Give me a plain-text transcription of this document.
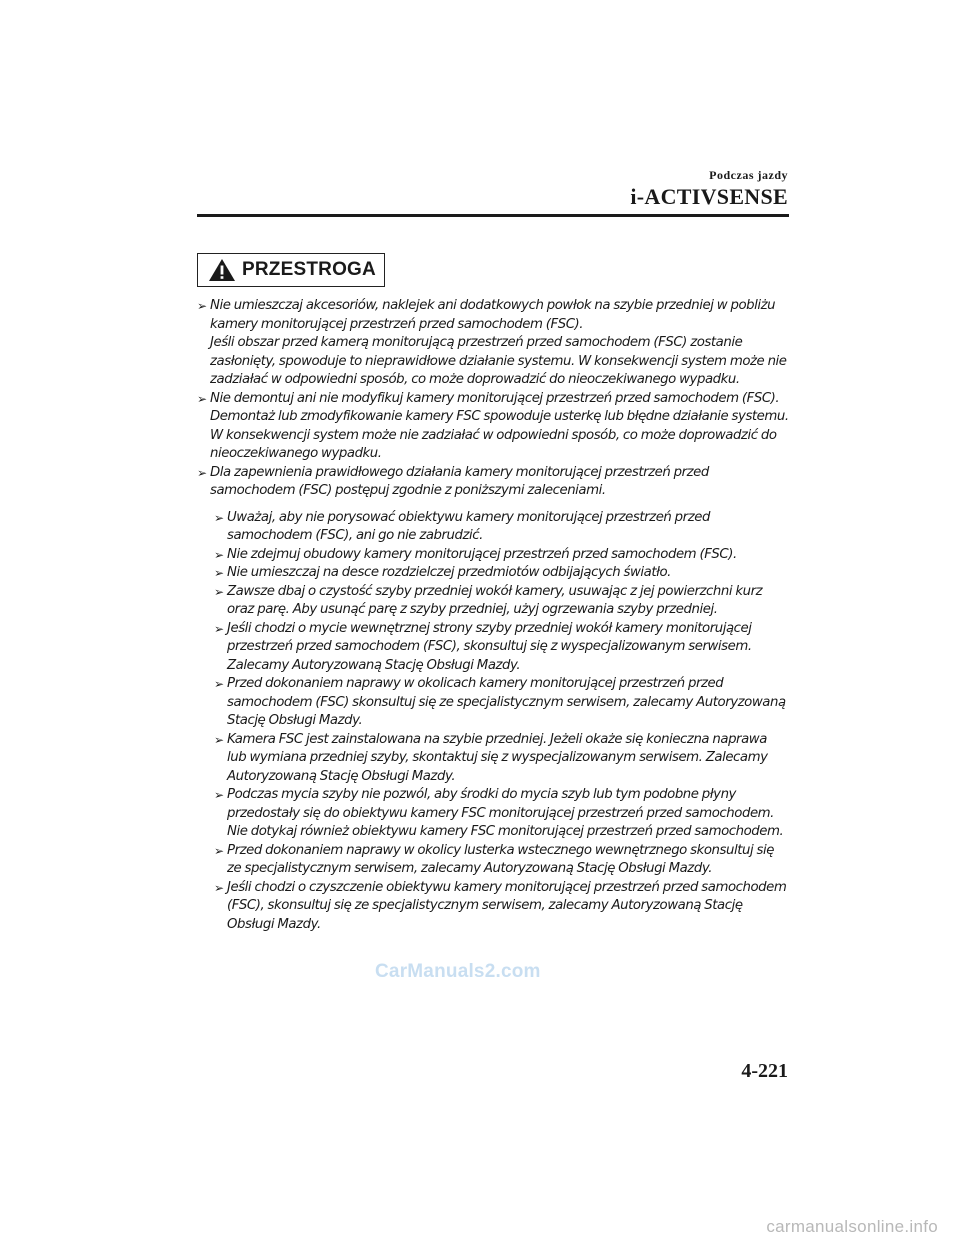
Podczas jazdy
i-ACTIVSENSE
PRZESTROGA
➢ Nie umieszczaj akcesoriów, naklejek ani dodatkowych powłok na szybie przedniej w pobliżu kamery monitorującej przestrzeń przed samochodem (FSC).
Jeśli obszar przed kamerą monitorującą przestrzeń przed samochodem (FSC) zostanie zasłonięty, spowoduje to nieprawidłowe działanie systemu. W konsekwencji system może nie zadziałać w odpowiedni sposób, co może doprowadzić do nieoczekiwanego wypadku.
➢ Nie demontuj ani nie modyfikuj kamery monitorującej przestrzeń przed samochodem (FSC).
Demontaż lub zmodyfikowanie kamery FSC spowoduje usterkę lub błędne działanie systemu. W konsekwencji system może nie zadziałać w odpowiedni sposób, co może doprowadzić do nieoczekiwanego wypadku.
➢ Dla zapewnienia prawidłowego działania kamery monitorującej przestrzeń przed samochodem (FSC) postępuj zgodnie z poniższymi zaleceniami.
➢ Uważaj, aby nie porysować obiektywu kamery monitorującej przestrzeń przed samochodem (FSC), ani go nie zabrudzić.
➢ Nie zdejmuj obudowy kamery monitorującej przestrzeń przed samochodem (FSC).
➢ Nie umieszczaj na desce rozdzielczej przedmiotów odbijających światło.
➢ Zawsze dbaj o czystość szyby przedniej wokół kamery, usuwając z jej powierzchni kurz oraz parę. Aby usunąć parę z szyby przedniej, użyj ogrzewania szyby przedniej.
➢ Jeśli chodzi o mycie wewnętrznej strony szyby przedniej wokół kamery monitorującej przestrzeń przed samochodem (FSC), skonsultuj się z wyspecjalizowanym serwisem. Zalecamy Autoryzowaną Stację Obsługi Mazdy.
➢ Przed dokonaniem naprawy w okolicach kamery monitorującej przestrzeń przed samochodem (FSC) skonsultuj się ze specjalistycznym serwisem, zalecamy Autoryzowaną Stację Obsługi Mazdy.
➢ Kamera FSC jest zainstalowana na szybie przedniej. Jeżeli okaże się konieczna naprawa lub wymiana przedniej szyby, skontaktuj się z wyspecjalizowanym serwisem. Zalecamy Autoryzowaną Stację Obsługi Mazdy.
➢ Podczas mycia szyby nie pozwól, aby środki do mycia szyb lub tym podobne płyny przedostały się do obiektywu kamery FSC monitorującej przestrzeń przed samochodem. Nie dotykaj również obiektywu kamery FSC monitorującej przestrzeń przed samochodem.
➢ Przed dokonaniem naprawy w okolicy lusterka wstecznego wewnętrznego skonsultuj się ze specjalistycznym serwisem, zalecamy Autoryzowaną Stację Obsługi Mazdy.
➢ Jeśli chodzi o czyszczenie obiektywu kamery monitorującej przestrzeń przed samochodem (FSC), skonsultuj się ze specjalistycznym serwisem, zalecamy Autoryzowaną Stację Obsługi Mazdy.
CarManuals2.com
4-221
carmanualsonline.info
